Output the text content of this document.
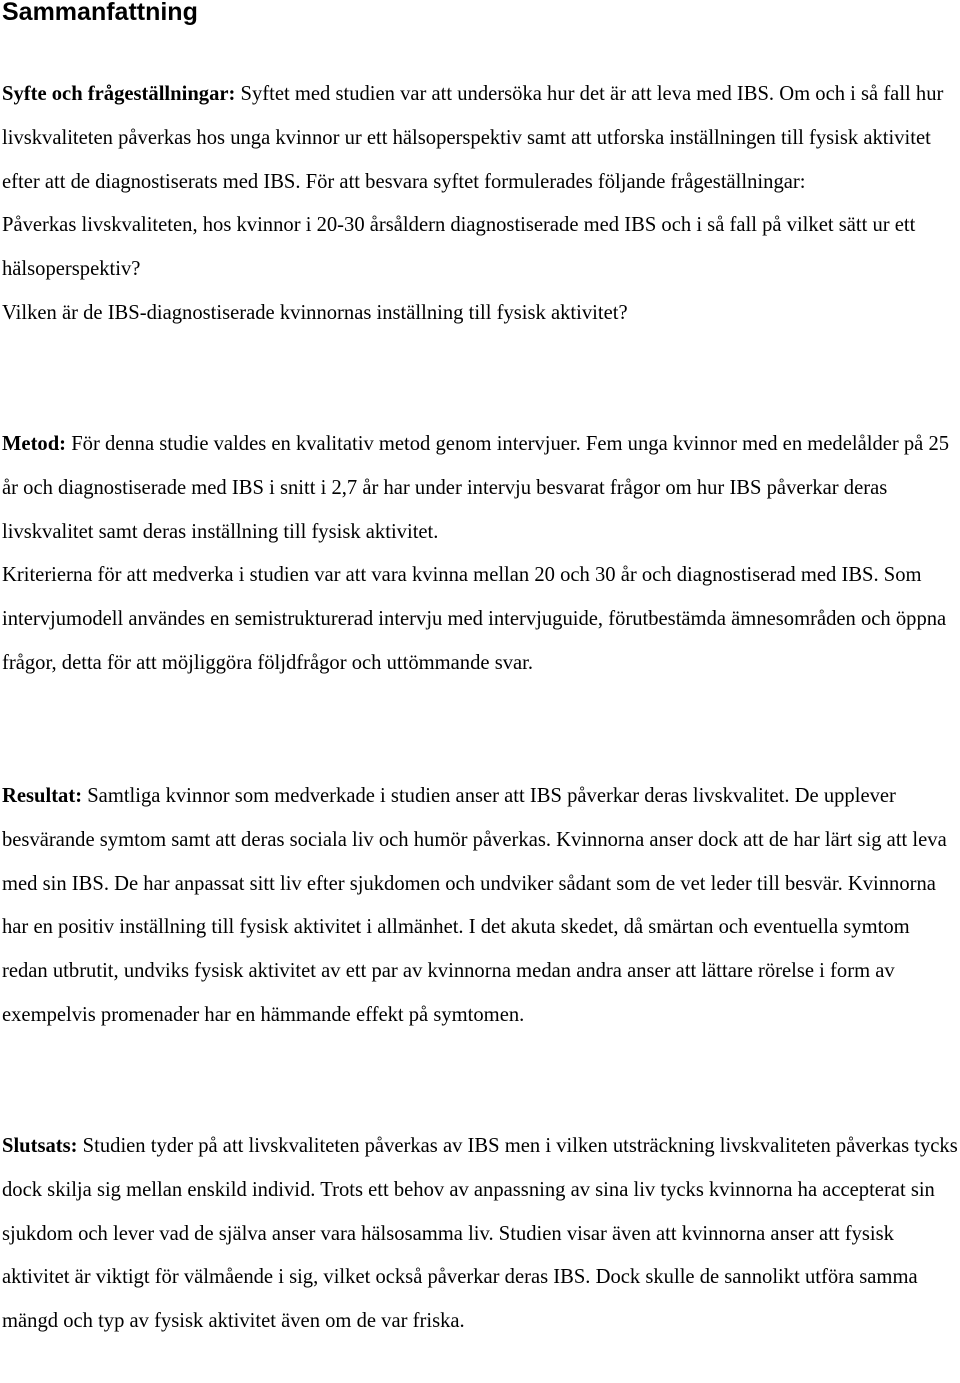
Sammanfattning

Syfte och frågeställningar: Syftet med studien var att undersöka hur det är att leva med IBS. Om och i så fall hur livskvaliteten påverkas hos unga kvinnor ur ett hälsoperspektiv samt att utforska inställningen till fysisk aktivitet efter att de diagnostiserats med IBS. För att besvara syftet formulerades följande frågeställningar:

Påverkas livskvaliteten, hos kvinnor i 20-30 årsåldern diagnostiserade med IBS och i så fall på vilket sätt ur ett hälsoperspektiv?

Vilken är de IBS-diagnostiserade kvinnornas inställning till fysisk aktivitet?

Metod: För denna studie valdes en kvalitativ metod genom intervjuer. Fem unga kvinnor med en medelålder på 25 år och diagnostiserade med IBS i snitt i 2,7 år har under intervju besvarat frågor om hur IBS påverkar deras livskvalitet samt deras inställning till fysisk aktivitet.

Kriterierna för att medverka i studien var att vara kvinna mellan 20 och 30 år och diagnostiserad med IBS. Som intervjumodell användes en semistrukturerad intervju med intervjuguide, förutbestämda ämnesområden och öppna frågor, detta för att möjliggöra följdfrågor och uttömmande svar.

Resultat: Samtliga kvinnor som medverkade i studien anser att IBS påverkar deras livskvalitet. De upplever besvärande symtom samt att deras sociala liv och humör påverkas. Kvinnorna anser dock att de har lärt sig att leva med sin IBS. De har anpassat sitt liv efter sjukdomen och undviker sådant som de vet leder till besvär. Kvinnorna har en positiv inställning till fysisk aktivitet i allmänhet. I det akuta skedet, då smärtan och eventuella symtom redan utbrutit, undviks fysisk aktivitet av ett par av kvinnorna medan andra anser att lättare rörelse i form av exempelvis promenader har en hämmande effekt på symtomen.

Slutsats: Studien tyder på att livskvaliteten påverkas av IBS men i vilken utsträckning livskvaliteten påverkas tycks dock skilja sig mellan enskild individ. Trots ett behov av anpassning av sina liv tycks kvinnorna ha accepterat sin sjukdom och lever vad de själva anser vara hälsosamma liv. Studien visar även att kvinnorna anser att fysisk aktivitet är viktigt för välmående i sig, vilket också påverkar deras IBS. Dock skulle de sannolikt utföra samma mängd och typ av fysisk aktivitet även om de var friska.
